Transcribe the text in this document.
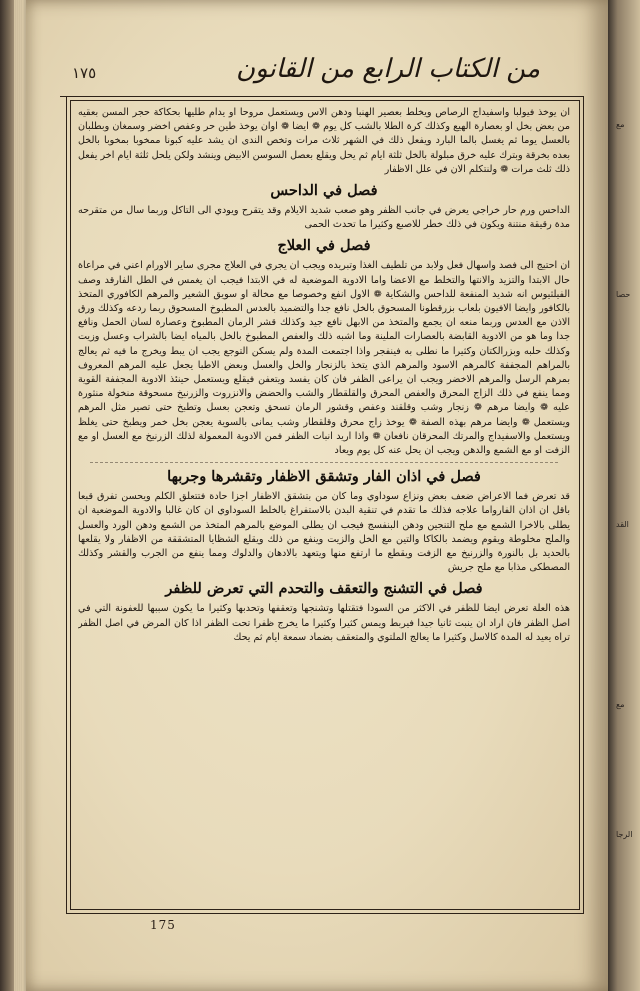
مع
حصا
القد
مع
الرجا
من الكتاب الرابع من القانون
١٧٥

ان يوخذ فيولبا واسفيداج الرصاص ويخلط بعصير الهنبا ودهن الاس ويستعمل مروحا او يدام طليها بحكاكة حجر المسن بعقيه من بعض بخل او بعصارة الهيع وكذلك كرة الطلا بالشب كل يوم ❁ ايضا ❁ اوان يوخذ طين حر وعفص اخضر وسمغان وبطلبان بالعسل يوما ثم يغسل بالما البارد ويفعل ذلك في الشهر ثلاث مرات وتخص الندى ان يشد عليه كبونا ممخوبا بمخوبا بالخل بعده بخرقة وبترك عليه خرق مبلولة بالخل ثلثة ايام ثم يحل ويقلع بعصل السوسن الابيض وينشد ولكن يلحل ثلثة ايام اخر يفعل ذلك ثلث مرات ❁ ولنتكلم الان في علل الاظفار

فصل في الداحس

الداحس ورم حار خراجي يعرض في جانب الظفر وهو صعب شديد الايلام وقد يتقرح ويودي الى التاكل وربما سال من متقرحه مدة رقيقة منتنة ويكون في ذلك خطر للاصبع وكثيرا ما تحدث الحمى

فصل في العلاج

ان احتيج الى فصد واسهال فعل ولابد من تلطيف الغذا وتبريده ويجب ان يجري في العلاج مجرى ساير الاورام اعني في مراعاة حال الابتدا والتزيد والانتها والتخلط مع الاعضا واما الادوية الموضعية له في الابتدا فيجب ان يغمس في الطل الفارقد وصف الفيلثيوس انه شديد المنفعة للداحس والشكاية ❁ الاول انفع وخصوصا مع مخالة او سويق الشعير والمرهم الكافوري المتخذ بالكافور وايضا الافيون بلعاب بزرقطونا المسحوق بالخل نافع جدا والتضميد بالعدس المطبوخ المسحوق ربما ردعه وكذلك ورق الاذن مع العدس وربما منعه ان يجمع والمتخذ من الابهل نافع جيد وكذلك قشر الرمان المطبوخ وعصارة لسان الحمل ونافع جدا وما هو من الادوية القابضة بالعصارات الملينة وما اشبه ذلك والعفص المطبوخ بالخل بالمياه ايضا بالشراب وعسل وزيت وكذلك حلبه وبزرالكتان وكثيرا ما نطلى به فينفجر واذا اجتمعت المدة ولم يسكن التوجع يجب ان يبط ويخرج ما فيه ثم يعالج بالمراهم المجففة كالمرهم الاسود والمرهم الذي يتخذ بالزنجار والخل والعسل وبعض الاطبا يجعل عليه المرهم المعروف بمرهم الرسل والمرهم الاخضر ويجب ان يراعى الظفر فان كان يفسد ويتعفن فيقلع ويستعمل حينئذ الادوية المجففة القوية ومما ينفع في ذلك الزاج المحرق والعفص المحرق والقلقطار والشب والحضض والانزروت والزرنيخ مسحوقة منخولة منثورة عليه ❁ وايضا مرهم ❁ زنجار وشب وقلقند وعفص وقشور الرمان تسحق وتعجن بعسل وتطبخ حتى تصير مثل المرهم ويستعمل ❁ وايضا مرهم بهذه الصفة ❁ يوخذ زاج محرق وقلقطار وشب يمانى بالسوية يعجن بخل خمر ويطبخ حتى يغلظ ويستعمل والاسفيداج والمرتك المحرقان نافعان ❁ واذا اريد انبات الظفر فمن الادوية المعمولة لذلك الزرنيخ مع العسل او مع الزفت او مع الشمع والدهن ويجب ان يحل عنه كل يوم ويعاد

فصل في اذان الفار وتشقق الاظفار وتقشرها وجربها

قد تعرض فما الاعراض ضعف بعض ونزاع سوداوي وما كان من بتشقق الاظفار اجزا حادة فتتعلق الكلم ويحسن تفرق قبعا باقل ان اذان الفارواما علاجه فذلك ما تقدم في تنقية البدن بالاستفراغ بالخلط السوداوي ان كان غالبا والادوية الموضعية ان يطلى بالاخرا الشمع مع ملح التنجين ودهن البنفسج فيجب ان يطلى الموضع بالمرهم المتخذ من الشمع ودهن الورد والعسل والملح مخلوطة ويقوم ويضمد بالكاكا والتين مع الخل والزيت وينفع من ذلك ويقلع الشظايا المتشققة من الاظفار ولا يقلعها بالحديد بل بالنورة والزرنيخ مع الزفت ويقطع ما ارتفع منها ويتعهد بالادهان والدلوك ومما ينفع من الجرب والقشر وكذلك المصطكى مذابا مع ملح جريش

فصل في التشنج والتعقف والتحدم التي تعرض للظفر

هذه العلة تعرض ايضا للظفر في الاكثر من السودا فتقتلها وتشنجها وتعقفها وتحدبها وكثيرا ما يكون سببها للعفونة التي في اصل الظفر فان اراد ان ينبت ثانيا جيدا فيربط ويمس كثيرا وكثيرا ما يخرج ظفرا تحت الظفر اذا كان المرض في اصل الظفر تراه يعيد له المدة كالاسل وكثيرا ما يعالج الملتوي والمتعقف بضماد سمعة ايام ثم يحك

175
